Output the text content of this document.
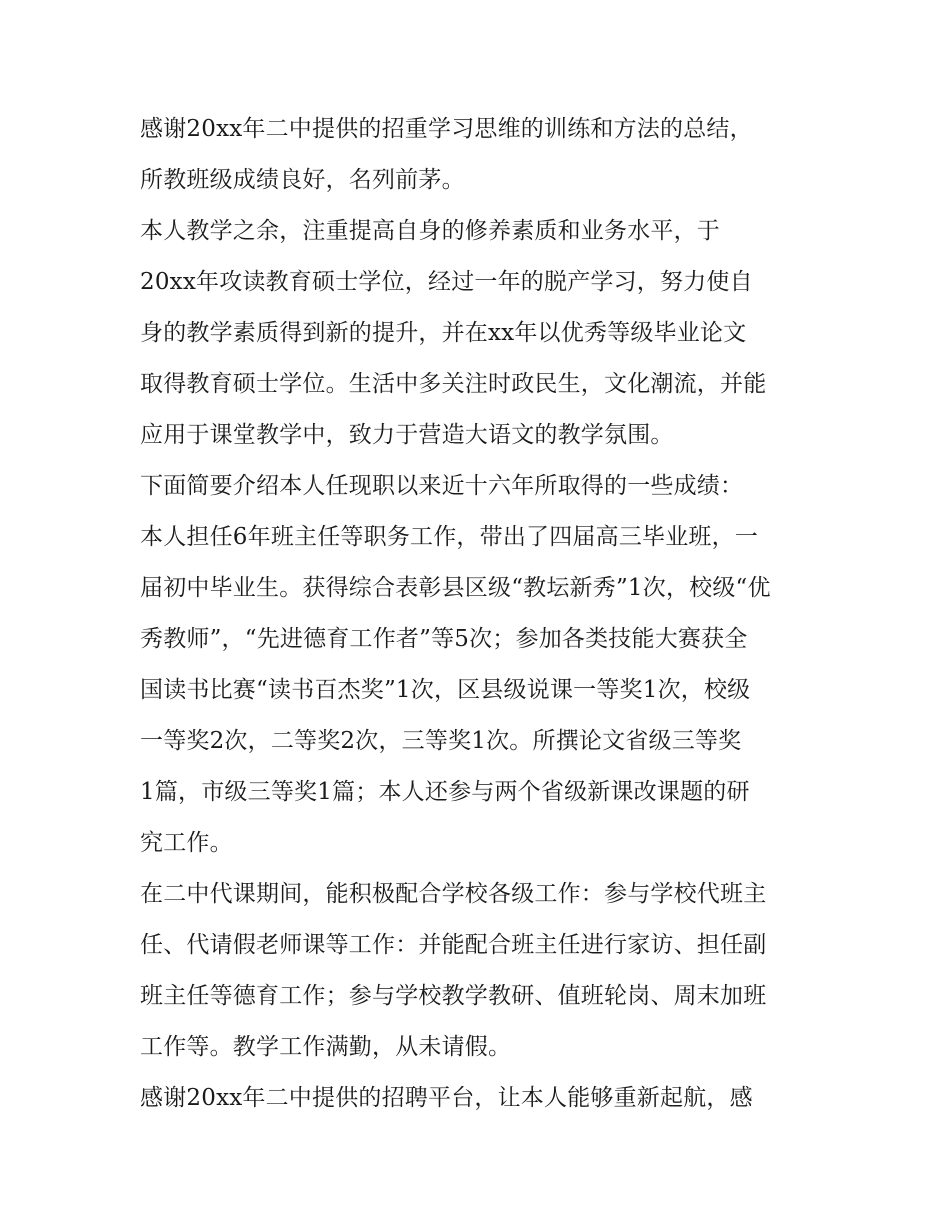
感谢20xx年二中提供的招重学习思维的训练和方法的总结，
所教班级成绩良好，名列前茅。
本人教学之余，注重提高自身的修养素质和业务水平，于
20xx年攻读教育硕士学位，经过一年的脱产学习，努力使自
身的教学素质得到新的提升，并在xx年以优秀等级毕业论文
取得教育硕士学位。生活中多关注时政民生，文化潮流，并能
应用于课堂教学中，致力于营造大语文的教学氛围。
下面简要介绍本人任现职以来近十六年所取得的一些成绩：
本人担任6年班主任等职务工作，带出了四届高三毕业班，一
届初中毕业生。获得综合表彰县区级“教坛新秀”1次，校级“优
秀教师”，“先进德育工作者”等5次；参加各类技能大赛获全
国读书比赛“读书百杰奖”1次，区县级说课一等奖1次，校级
一等奖2次，二等奖2次，三等奖1次。所撰论文省级三等奖
1篇，市级三等奖1篇；本人还参与两个省级新课改课题的研
究工作。
在二中代课期间，能积极配合学校各级工作：参与学校代班主
任、代请假老师课等工作：并能配合班主任进行家访、担任副
班主任等德育工作；参与学校教学教研、值班轮岗、周末加班
工作等。教学工作满勤，从未请假。
感谢20xx年二中提供的招聘平台，让本人能够重新起航，感
